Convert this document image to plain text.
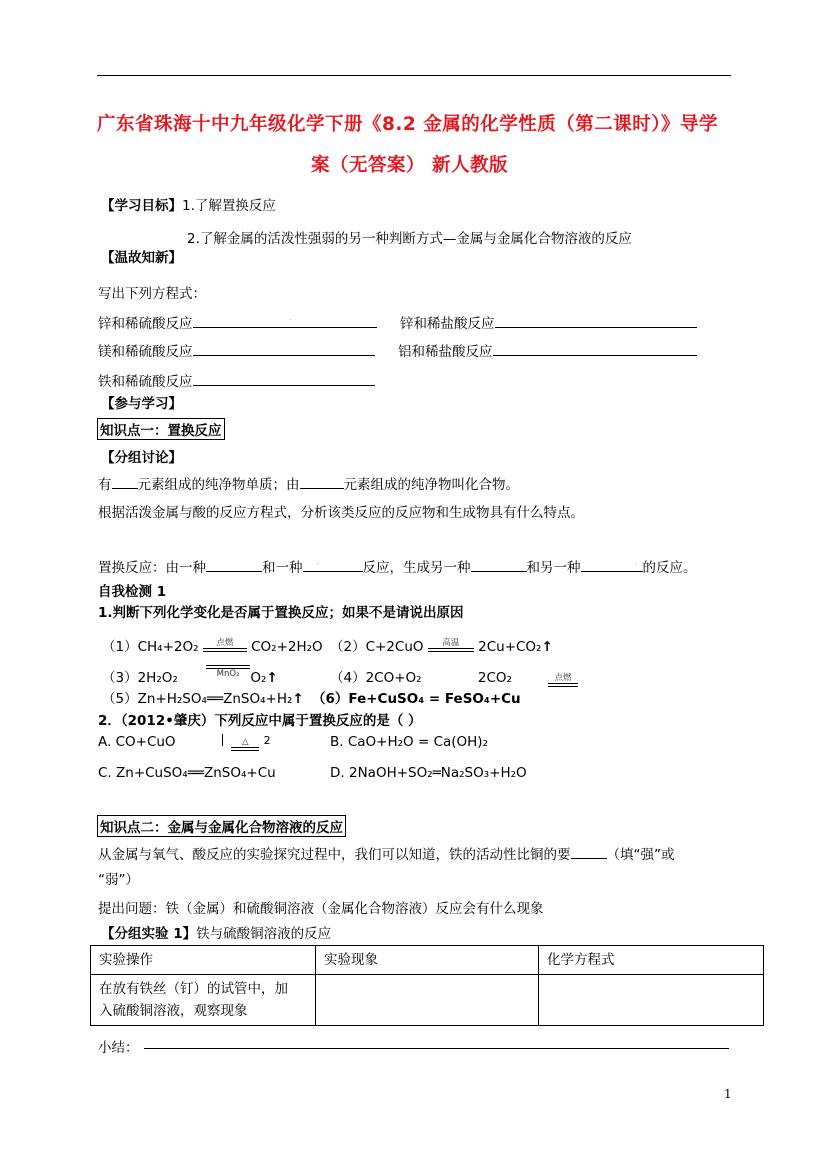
广东省珠海十中九年级化学下册《8.2 金属的化学性质（第二课时）》导学
案（无答案） 新人教版
【学习目标】1.了解置换反应
2.了解金属的活泼性强弱的另一种判断方式—金属与金属化合物溶液的反应
【温故知新】
写出下列方程式：
锌和稀硫酸反应	.	锌和稀盐酸反应
镁和稀硫酸反应	铝和稀盐酸反应
铁和稀硫酸反应
【参与学习】
知识点一：置换反应
【分组讨论】
有 元素组成的纯净物单质；由	元素组成的纯净物叫化合物。
根据活泼金属与酸的反应方程式，分析该类反应的反应物和生成物具有什么特点。
置换反应：由一种	和一种 .	反应，生成另一种	和另一种	. 的反应。
自我检测 1
1.判断下列化学变化是否属于置换反应；如果不是请说出原因
（1）CH₄+2O₂	点燃	CO₂+2H₂O （2）C+2CuO	高温	2Cu+CO₂↑
（3）2H₂O₂	MnO₂ O₂↑	（4）2CO+O₂	2CO₂	点燃
（5）Zn+H₂SO₄══ZnSO₄+H₂↑ （6）Fe+CuSO₄ = FeSO₄+Cu
2．（2012•肇庆）下列反应中属于置换反应的是（ ）
A. CO+CuO
	△	2	B. CaO+H₂O = Ca(OH)₂
C. Zn+CuSO₄══ZnSO₄+Cu	D. 2NaOH+SO₂═Na₂SO₃+H₂O
知识点二：金属与金属化合物溶液的反应
从金属与氧气、酸反应的实验探究过程中，我们可以知道，铁的活动性比铜的要	（填“强”或
“弱”）
提出问题：铁（金属）和硫酸铜溶液（金属化合物溶液）反应会有什么现象
【分组实验 1】铁与硫酸铜溶液的反应
实验操作	实验现象	化学方程式
在放有铁丝（钉）的试管中，加
入硫酸铜溶液，观察现象		
小结：
1
